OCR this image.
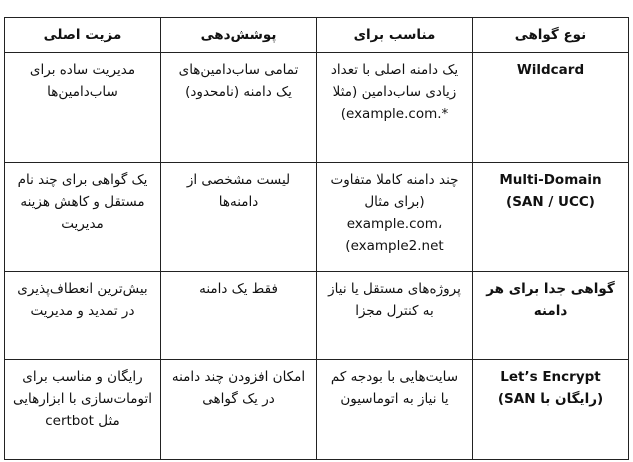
نوع گواهی	مناسب برای	پوشش‌دهی	مزیت اصلی
Wildcard	یک دامنه اصلی با تعداد زیادی ساب‌دامین (مثلا *.example.com)	تمامی ساب‌دامین‌های یک دامنه (نامحدود)	مدیریت ساده برای ساب‌دامین‌ها
Multi-Domain (SAN / UCC)	چند دامنه کاملا متفاوت (برای مثال example.com، example2.net)	لیست مشخصی از دامنه‌ها	یک گواهی برای چند نام مستقل و کاهش هزینه مدیریت
گواهی جدا برای هر دامنه	پروژه‌های مستقل یا نیاز به کنترل مجزا	فقط یک دامنه	بیش‌ترین انعطاف‌پذیری در تمدید و مدیریت
Let’s Encrypt (رایگان با SAN)	سایت‌هایی با بودجه کم یا نیاز به اتوماسیون	امکان افزودن چند دامنه در یک گواهی	رایگان و مناسب برای اتومات‌سازی با ابزارهایی مثل certbot
